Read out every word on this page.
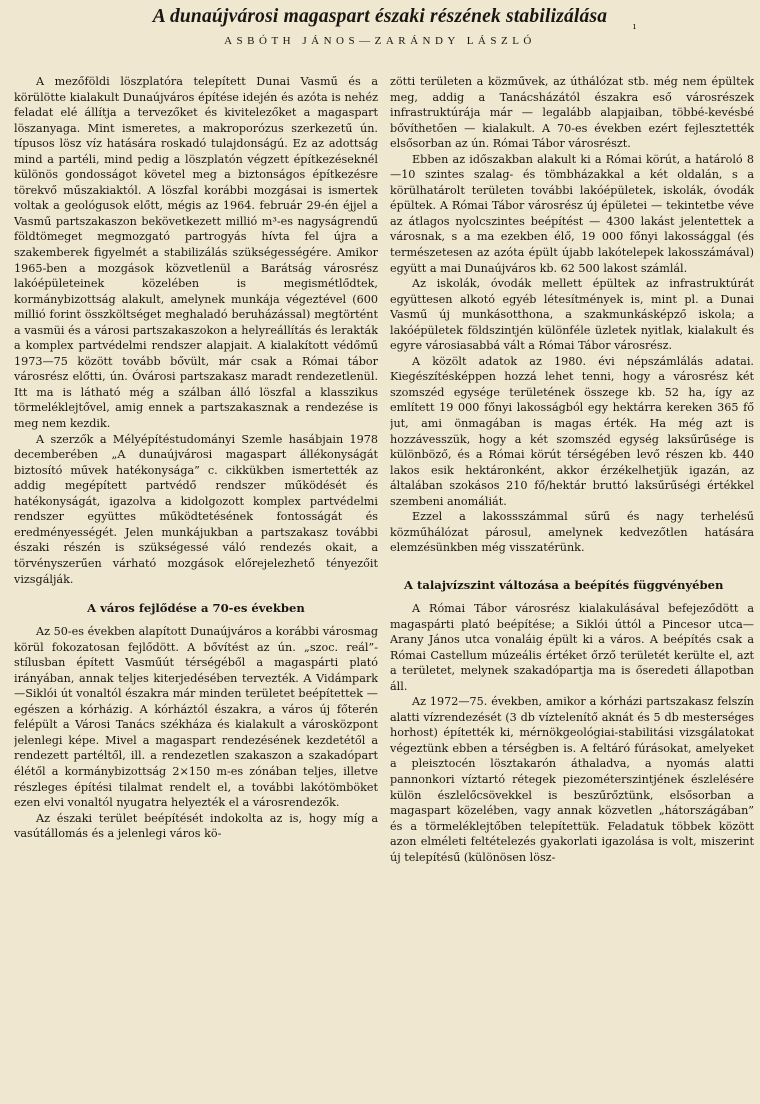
A dunaújvárosi magaspart északi részének stabilizálása	ı
ASBÓTH JÁNOS—ZARÁNDY LÁSZLÓ

A mezőföldi löszplatóra telepített Dunai Vasmű és a körülötte kialakult Dunaújváros építése idején és azóta is nehéz feladat elé állítja a tervezőket és kivitelezőket a magaspart löszanyaga. Mint ismeretes, a makroporózus szerkezetű ún. típusos lösz víz hatására roskadó tulajdonságú. Ez az adottság mind a partéli, mind pedig a löszplatón végzett építkezéseknél különös gondosságot követel meg a biztonságos építkezésre törekvő műszakiaktól. A löszfal korábbi mozgásai is ismertek voltak a geológusok előtt, mégis az 1964. február 29-én éjjel a Vasmű partszakaszon bekövetkezett millió m³-es nagyságrendű földtömeget megmozgató partrogyás hívta fel újra a szakemberek figyelmét a stabilizálás szükségességére. Amikor 1965-ben a mozgások közvetlenül a Barátság városrész lakóépületeinek közelében is megismétlődtek, kormánybizottság alakult, amelynek munkája végeztével (600 millió forint összköltséget meghaladó beruházással) megtörtént a vasmüi és a városi partszakaszokon a helyreállítás és lerakták a komplex partvédelmi rendszer alapjait. A kialakított védőmű 1973—75 között tovább bővült, már csak a Római tábor városrész előtti, ún. Óvárosi partszakasz maradt rendezetlenül. Itt ma is látható még a szálban álló löszfal a klasszikus törmeléklejtővel, amig ennek a partszakasznak a rendezése is meg nem kezdik.

A szerzők a Mélyépítéstudományi Szemle hasábjain 1978 decemberében „A dunaújvárosi magaspart állékonyságát biztosító művek hatékonysága” c. cikkükben ismertették az addig megépített partvédő rendszer működését és hatékonyságát, igazolva a kidolgozott komplex partvédelmi rendszer együttes működtetésének fontosságát és eredményességét. Jelen munkájukban a partszakasz további északi részén is szükségessé váló rendezés okait, a törvényszerűen várható mozgások előrejelezhető tényezőit vizsgálják.

A város fejlődése a 70-es években

Az 50-es években alapított Dunaújváros a korábbi városmag körül fokozatosan fejlődött. A bővítést az ún. „szoc. reál”-stílusban épített Vasműút térségéből a magaspárti plató irányában, annak teljes kiterjedésében tervezték. A Vidámpark—Siklói út vonaltól északra már minden területet beépítettek — egészen a kórházig. A kórháztól északra, a város új főterén felépült a Városi Tanács székháza és kialakult a városközpont jelenlegi képe. Mivel a magaspart rendezésének kezdetétől a rendezett partéltől, ill. a rendezetlen szakaszon a szakadópart élétől a kormánybizottság 2×150 m-es zónában teljes, illetve részleges építési tilalmat rendelt el, a további lakótömböket ezen elvi vonaltól nyugatra helyezték el a városrendezők.

Az északi terület beépítését indokolta az is, hogy míg a vasútállomás és a jelenlegi város kö-

zötti területen a közművek, az úthálózat stb. még nem épültek meg, addig a Tanácsházától északra eső városrészek infrastruktúrája már — legalább alapjaiban, többé-kevésbé bővíthetően — kialakult. A 70-es években ezért fejlesztették elsősorban az ún. Római Tábor városrészt.

Ebben az időszakban alakult ki a Római körút, a határoló 8—10 szintes szalag- és tömbházakkal a két oldalán, s a körülhatárolt területen további lakóépületek, iskolák, óvodák épültek. A Római Tábor városrész új épületei — tekintetbe véve az átlagos nyolcszintes beépítést — 4300 lakást jelentettek a városnak, s a ma ezekben élő, 19 000 főnyi lakossággal (és természetesen az azóta épült újabb lakótelepek lakosszámával) együtt a mai Dunaújváros kb. 62 500 lakost számlál.

Az iskolák, óvodák mellett épültek az infrastruktúrát együttesen alkotó egyéb létesítmények is, mint pl. a Dunai Vasmű új munkásotthona, a szakmunkásképző iskola; a lakóépületek földszintjén különféle üzletek nyitlak, kialakult és egyre városiasabbá vált a Római Tábor városrész.

A közölt adatok az 1980. évi népszámlálás adatai. Kiegészítésképpen hozzá lehet tenni, hogy a városrész két szomszéd egysége területének összege kb. 52 ha, így az említett 19 000 főnyi lakosságból egy hektárra kereken 365 fő jut, ami önmagában is magas érték. Ha még azt is hozzávesszük, hogy a két szomszéd egység laksűrűsége is különböző, és a Római körút térségében levő részen kb. 440 lakos esik hektáronként, akkor érzékelhetjük igazán, az általában szokásos 210 fő/hektár bruttó laksűrűségi értékkel szembeni anomáliát.

Ezzel a lakossszámmal sűrű és nagy terhelésű közműhálózat párosul, amelynek kedvezőtlen hatására elemzésünkben még visszatérünk.

A talajvízszint változása a beépítés függvényében

A Római Tábor városrész kialakulásával befejeződött a magaspárti plató beépítése; a Siklói úttól a Pincesor utca—Arany János utca vonaláig épült ki a város. A beépítés csak a Római Castellum múzeális értéket őrző területét kerülte el, azt a területet, melynek szakadópartja ma is őseredeti állapotban áll.

Az 1972—75. években, amikor a kórházi partszakasz felszín alatti vízrendezését (3 db víztelenítő aknát és 5 db mesterséges horhost) építették ki, mérnökgeológiai-stabilitási vizsgálatokat végeztünk ebben a térségben is. A feltáró fúrásokat, amelyeket a pleisztocén lösztakarón áthaladva, a nyomás alatti pannonkori víztartó rétegek piezométerszintjének észlelésére külön észlelőcsövekkel is beszűrőztünk, elsősorban a magaspart közelében, vagy annak közvetlen „hátországában” és a törmeléklejtőben telepítettük. Feladatuk többek között azon elméleti feltételezés gyakorlati igazolása is volt, miszerint új telepítésű (különösen lösz-
